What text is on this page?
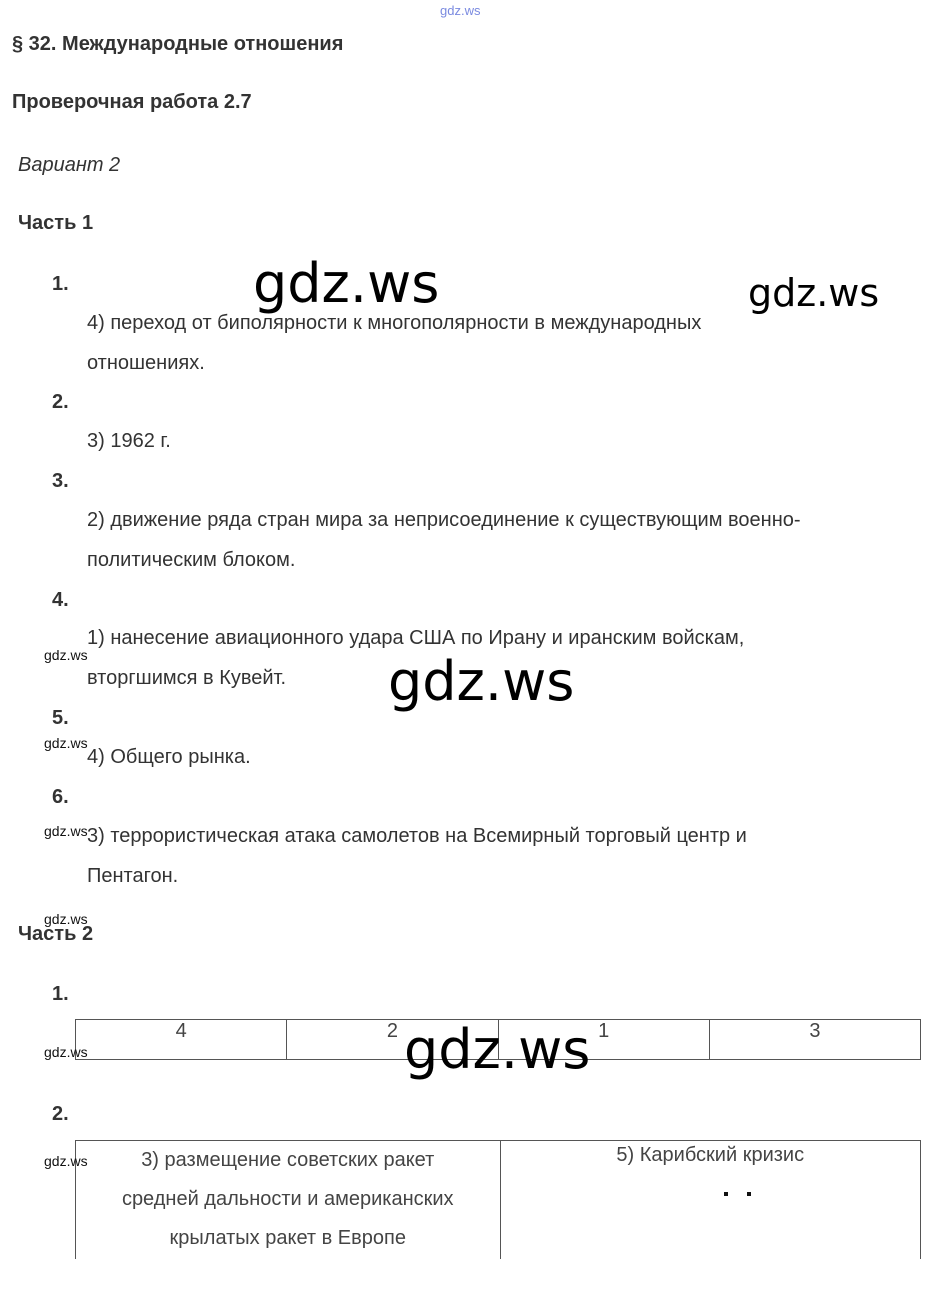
gdz.ws
§ 32. Международные отношения
Проверочная работа 2.7
Вариант 2
Часть 1
1.
4) переход от биполярности к многополярности в международных
отношениях.
2.
3) 1962 г.
3.
2) движение ряда стран мира за неприсоединение к существующим военно-
политическим блоком.
4.
1) нанесение авиационного удара США по Ирану и иранским войскам,
вторгшимся в Кувейт.
5.
4) Общего рынка.
6.
3) террористическая атака самолетов на Всемирный торговый центр и
Пентагон.
Часть 2
1.
4	2	1	3
2.
3) размещение советских ракет
средней дальности и американских
крылатых ракет в Европе

5) Карибский кризис
gdz.ws
gdz.ws
gdz.ws
gdz.ws
gdz.ws
gdz.ws
gdz.ws	gdz.ws
gdz.ws
gdz.ws
